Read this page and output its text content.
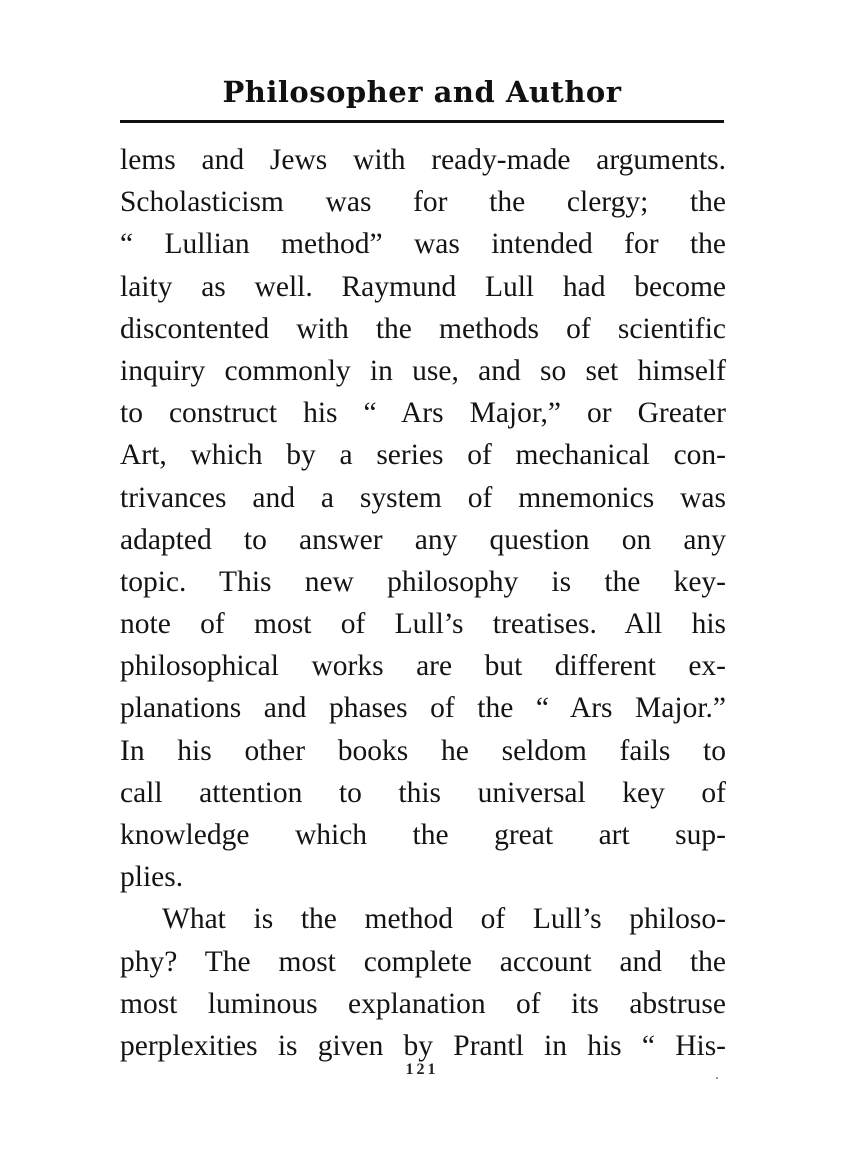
Philosopher and Author
lems and Jews with ready-made arguments.
Scholasticism was for the clergy; the
“ Lullian method” was intended for the
laity as well. Raymund Lull had become
discontented with the methods of scientific
inquiry commonly in use, and so set himself
to construct his “ Ars Major,” or Greater
Art, which by a series of mechanical con-
trivances and a system of mnemonics was
adapted to answer any question on any
topic. This new philosophy is the key-
note of most of Lull’s treatises. All his
philosophical works are but different ex-
planations and phases of the “ Ars Major.”
In his other books he seldom fails to
call attention to this universal key of
knowledge which the great art sup-
plies.
What is the method of Lull’s philoso-
phy? The most complete account and the
most luminous explanation of its abstruse
perplexities is given by Prantl in his “ His-
121
